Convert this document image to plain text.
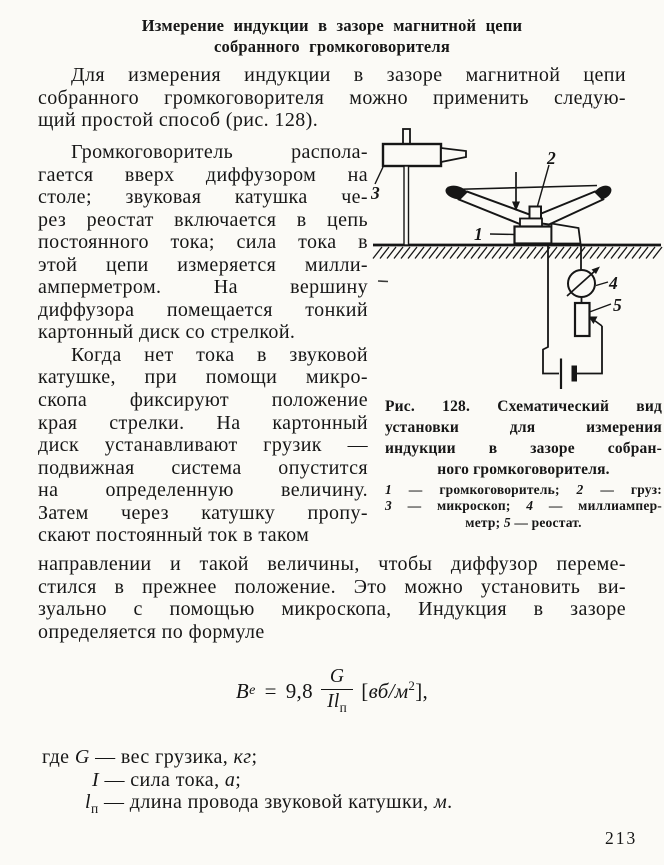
Измерение индукции в зазоре магнитной цепи
собранного громкоговорителя
Для измерения индукции в зазоре магнитной цепи
собранного громкоговорителя можно применить следую-
щий простой способ (рис. 128).
Громкоговоритель распола-
гается вверх диффузором на
столе; звуковая катушка че-
рез реостат включается в цепь
постоянного тока; сила тока в
этой цепи измеряется милли-
амперметром. На вершину
диффузора помещается тонкий
картонный диск со стрелкой.
Когда нет тока в звуковой
катушке, при помощи микро-
скопа фиксируют положение
края стрелки. На картонный
диск устанавливают грузик —
подвижная система опустится
на определенную величину.
Затем через катушку пропу-
скают постоянный ток в таком
направлении и такой величины, чтобы диффузор переме-
стился в прежнее положение. Это можно установить ви-
зуально с помощью микроскопа, Индукция в зазоре
определяется по формуле
3
1
2
4
5
Рис. 128. Схематический вид
установки для измерения
индукции в зазоре собран-
ного громкоговорителя.
1 — громкоговоритель; 2 — груз:
3 — микроскоп; 4 — миллиампер-
метр; 5 — реостат.
B $е = 9,8 \frac{G}{Il_п} [вб/м^2]$,
где G — вес грузика, кг;
I — сила тока, а;
$l_п$ — длина провода звуковой катушки, м.
213
